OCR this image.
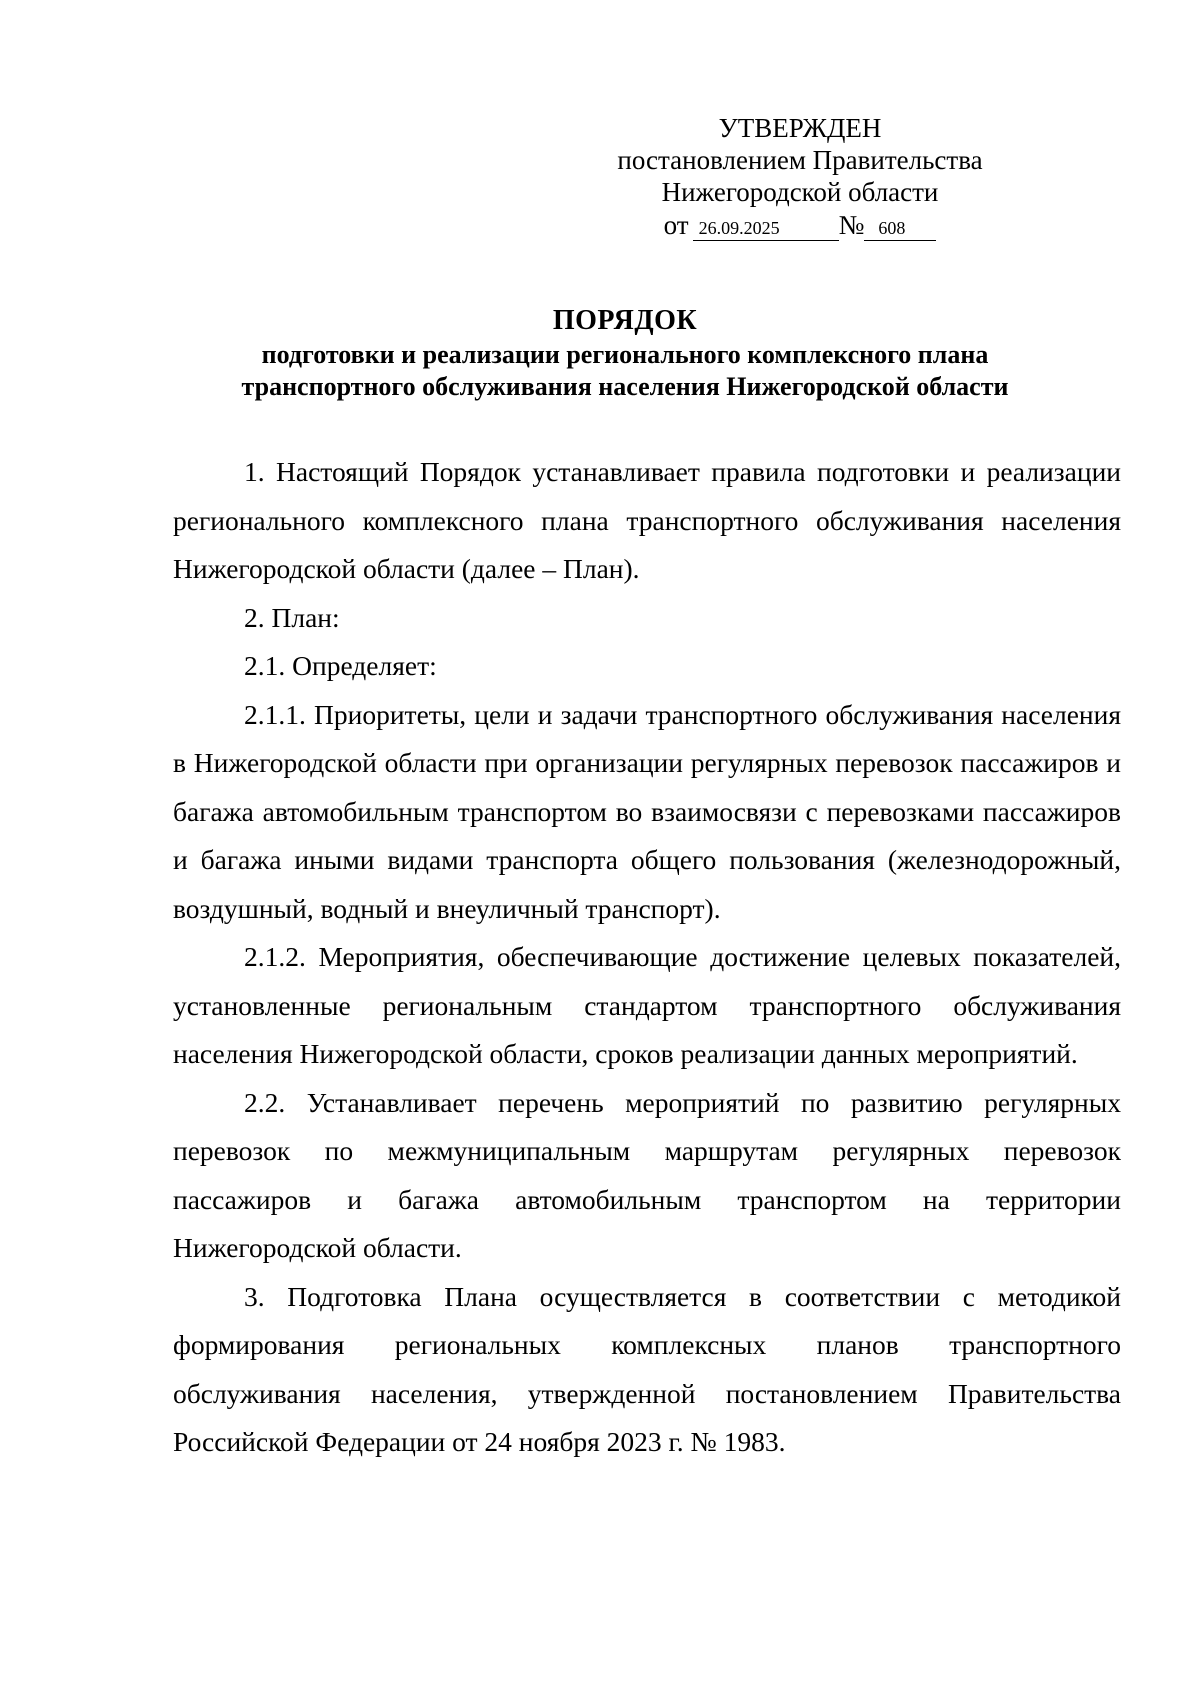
УТВЕРЖДЕН
постановлением Правительства
Нижегородской области
от 26.09.2025 № 608
ПОРЯДОК
подготовки и реализации регионального комплексного плана
транспортного обслуживания населения Нижегородской области

1. Настоящий Порядок устанавливает правила подготовки и реализации регионального комплексного плана транспортного обслуживания населения Нижегородской области (далее – План).

2. План:

2.1. Определяет:

2.1.1. Приоритеты, цели и задачи транспортного обслуживания населения в Нижегородской области при организации регулярных перевозок пассажиров и багажа автомобильным транспортом во взаимосвязи с перевозками пассажиров и багажа иными видами транспорта общего пользования (железнодорожный, воздушный, водный и внеуличный транспорт).

2.1.2. Мероприятия, обеспечивающие достижение целевых показателей, установленные региональным стандартом транспортного обслуживания населения Нижегородской области, сроков реализации данных мероприятий.

2.2. Устанавливает перечень мероприятий по развитию регулярных перевозок по межмуниципальным маршрутам регулярных перевозок пассажиров и багажа автомобильным транспортом на территории Нижегородской области.

3. Подготовка Плана осуществляется в соответствии с методикой формирования региональных комплексных планов транспортного обслуживания населения, утвержденной постановлением Правительства Российской Федерации от 24 ноября 2023 г. № 1983.
